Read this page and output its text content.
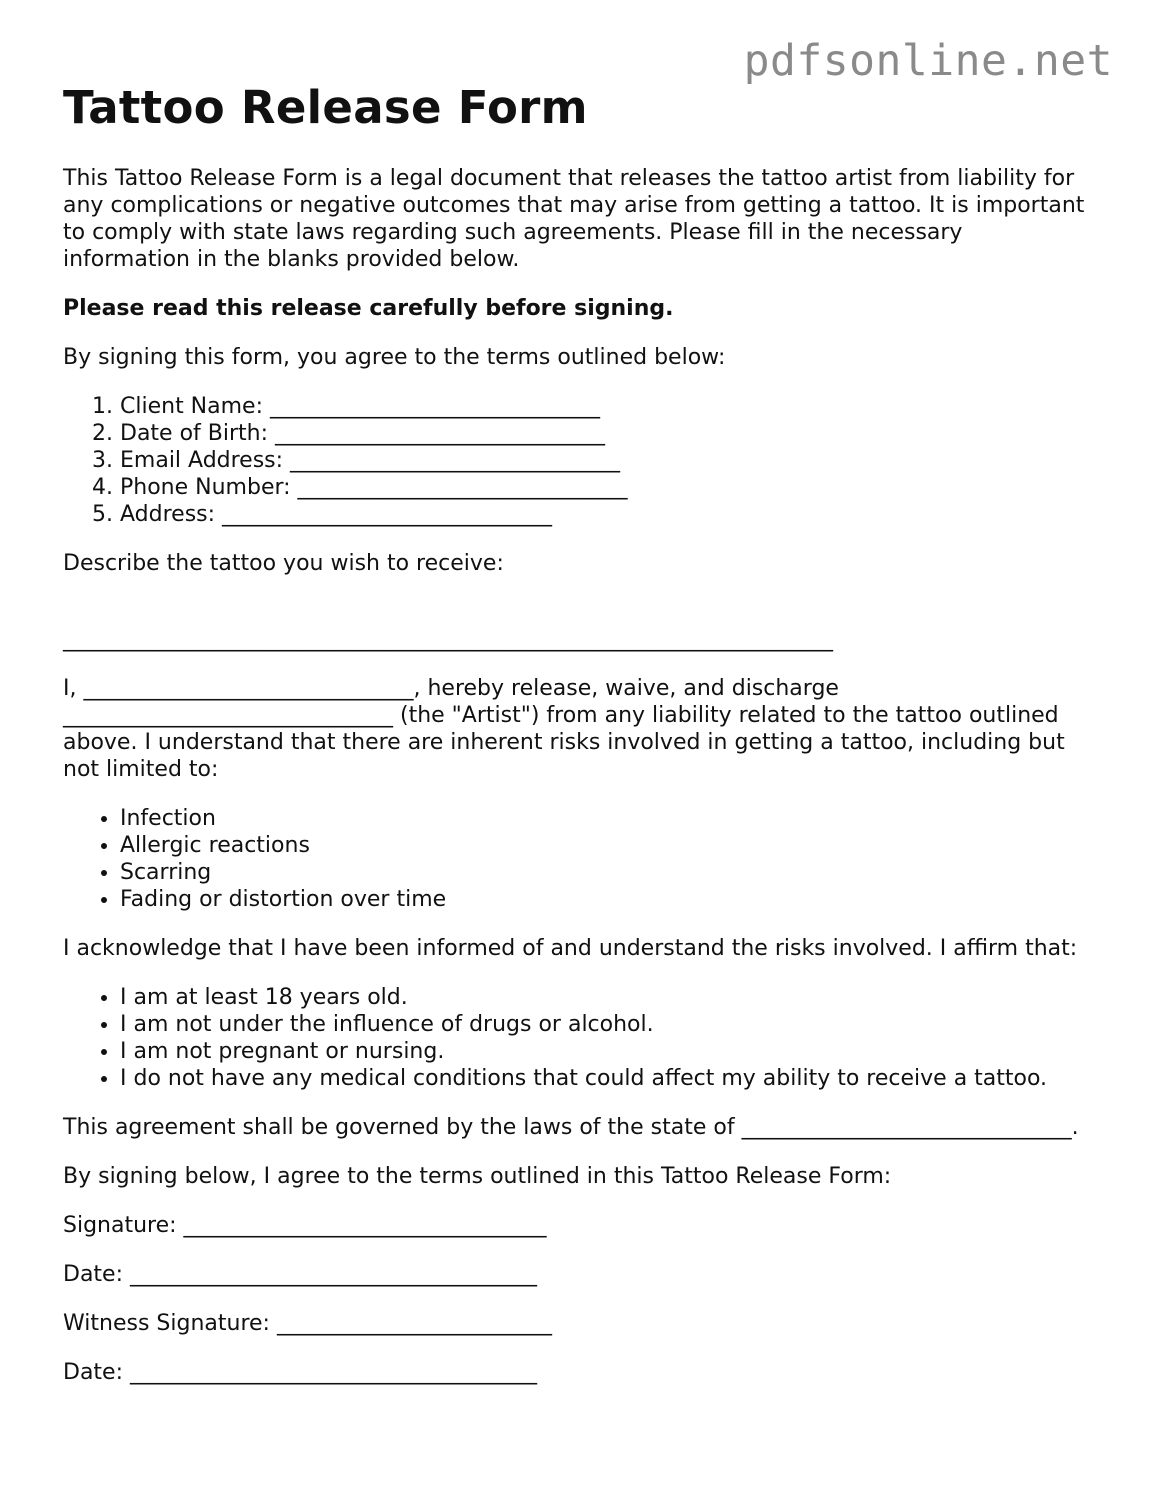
pdfsonline.net
Tattoo Release Form

This Tattoo Release Form is a legal document that releases the tattoo artist from liability for any complications or negative outcomes that may arise from getting a tattoo. It is important to comply with state laws regarding such agreements. Please fill in the necessary information in the blanks provided below.

Please read this release carefully before signing.

By signing this form, you agree to the terms outlined below:

1. Client Name: ______________________________
2. Date of Birth: ______________________________
3. Email Address: ______________________________
4. Phone Number: ______________________________
5. Address: ______________________________

Describe the tattoo you wish to receive:

______________________________________________________________________

I, ______________________________, hereby release, waive, and discharge ______________________________ (the "Artist") from any liability related to the tattoo outlined above. I understand that there are inherent risks involved in getting a tattoo, including but not limited to:

• Infection
• Allergic reactions
• Scarring
• Fading or distortion over time

I acknowledge that I have been informed of and understand the risks involved. I affirm that:

• I am at least 18 years old.
• I am not under the influence of drugs or alcohol.
• I am not pregnant or nursing.
• I do not have any medical conditions that could affect my ability to receive a tattoo.

This agreement shall be governed by the laws of the state of ______________________________.

By signing below, I agree to the terms outlined in this Tattoo Release Form:

Signature: _________________________________

Date: _____________________________________

Witness Signature: _________________________

Date: _____________________________________
